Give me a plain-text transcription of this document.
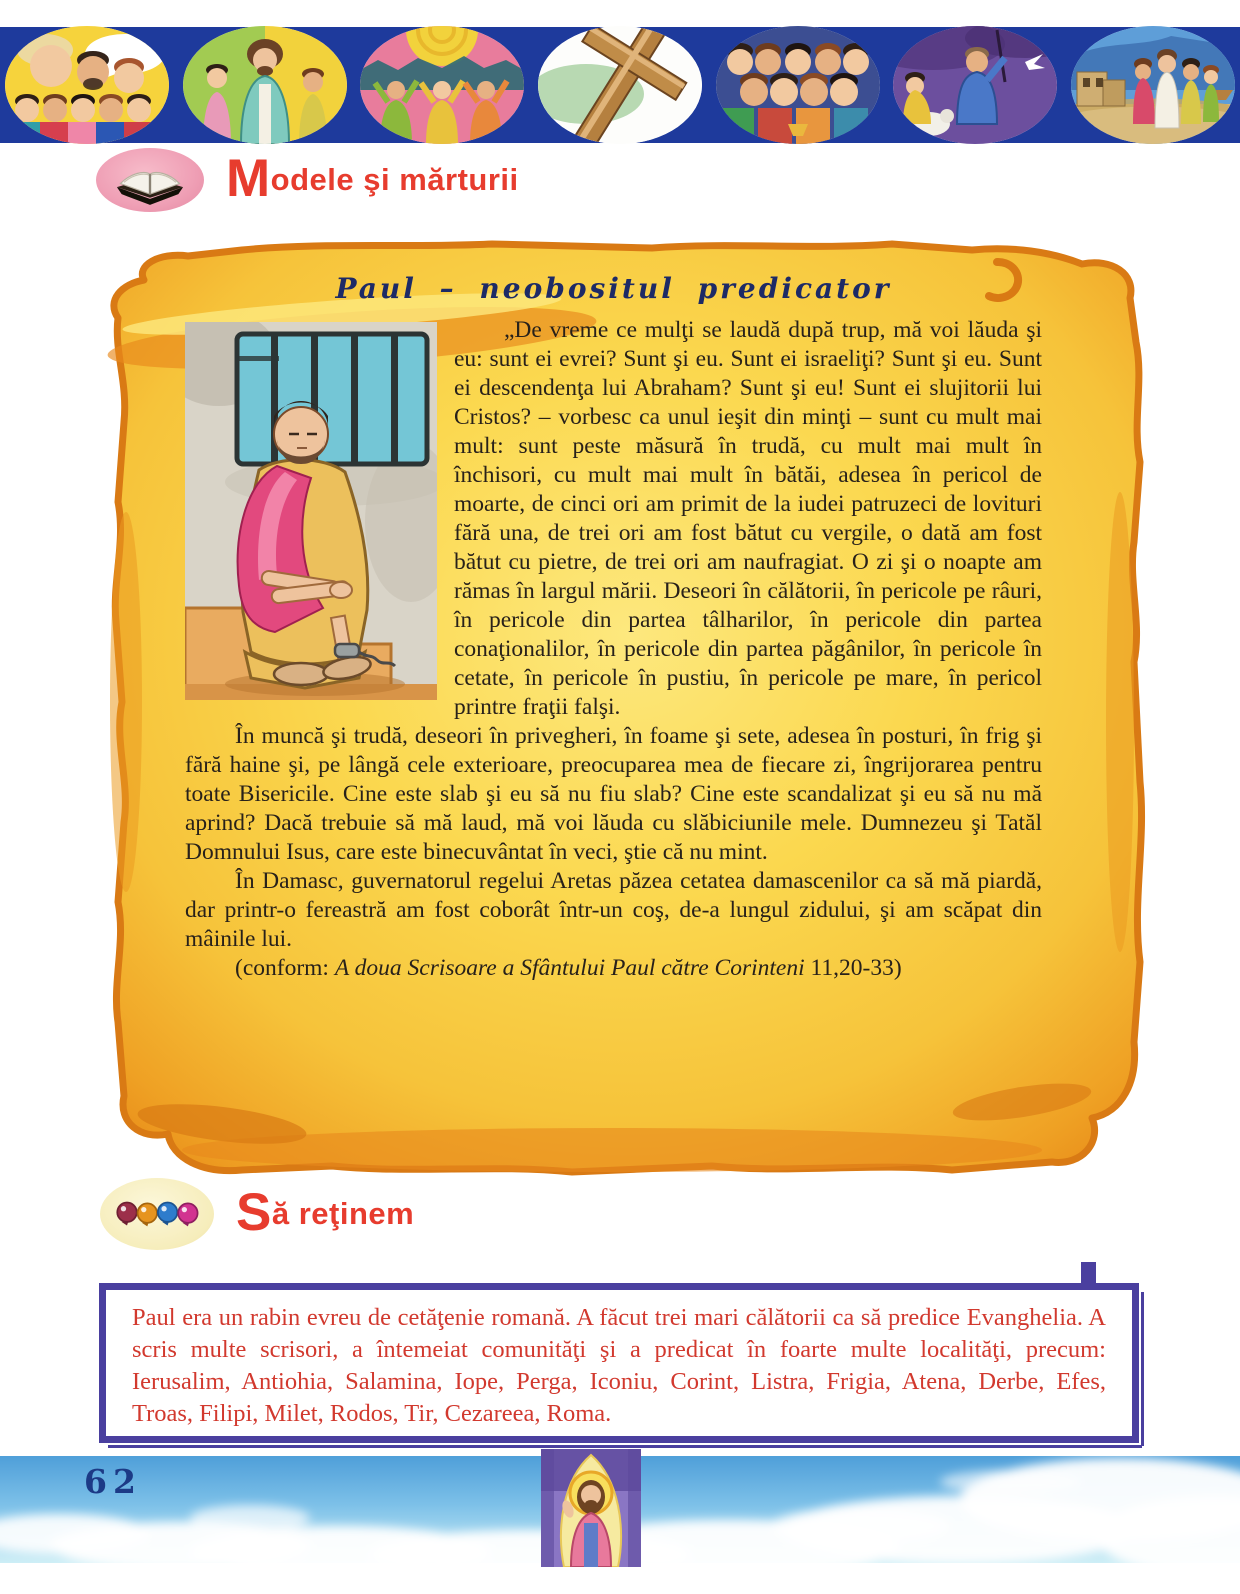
Modele şi mărturii
Paul – neobositul predicator

„De vreme ce mulţi se laudă după trup, mă voi lăuda şi eu: sunt ei evrei? Sunt şi eu. Sunt ei israeliţi? Sunt şi eu. Sunt ei descendenţa lui Abraham? Sunt şi eu! Sunt ei slujitorii lui Cristos? – vorbesc ca unul ieşit din minţi – sunt cu mult mai mult: sunt peste măsură în trudă, cu mult mai mult în închisori, cu mult mai mult în bătăi, adesea în pericol de moarte, de cinci ori am primit de la iudei patruzeci de lovituri fără una, de trei ori am fost bătut cu vergile, o dată am fost bătut cu pietre, de trei ori am naufragiat. O zi şi o noapte am rămas în largul mării. Deseori în călătorii, în pericole pe râuri, în pericole din partea tâlharilor, în pericole din partea conaţionalilor, în pericole din partea păgânilor, în pericole în cetate, în pericole în pustiu, în pericole pe mare, în pericol printre fraţii falşi.

În muncă şi trudă, deseori în privegheri, în foame şi sete, adesea în posturi, în frig şi fără haine şi, pe lângă cele exterioare, preocuparea mea de fiecare zi, îngrijorarea pentru toate Bisericile. Cine este slab şi eu să nu fiu slab? Cine este scandalizat şi eu să nu mă aprind? Dacă trebuie să mă laud, mă voi lăuda cu slăbiciunile mele. Dumnezeu şi Tatăl Domnului Isus, care este binecuvântat în veci, ştie că nu mint.

În Damasc, guvernatorul regelui Aretas păzea cetatea damascenilor ca să mă piardă, dar printr-o fereastră am fost coborât într-un coş, de-a lungul zidului, şi am scăpat din mâinile lui.

(conform: A doua Scrisoare a Sfântului Paul către Corinteni 11,20-33)

Să reţinem
Paul era un rabin evreu de cetăţenie romană. A făcut trei mari călătorii ca să predice Evanghelia. A scris multe scrisori, a întemeiat comunităţi şi a predicat în foarte multe localităţi, precum: Ierusalim, Antiohia, Salamina, Iope, Perga, Iconiu, Corint, Listra, Frigia, Atena, Derbe, Efes, Troas, Filipi, Milet, Rodos, Tir, Cezareea, Roma.
62
